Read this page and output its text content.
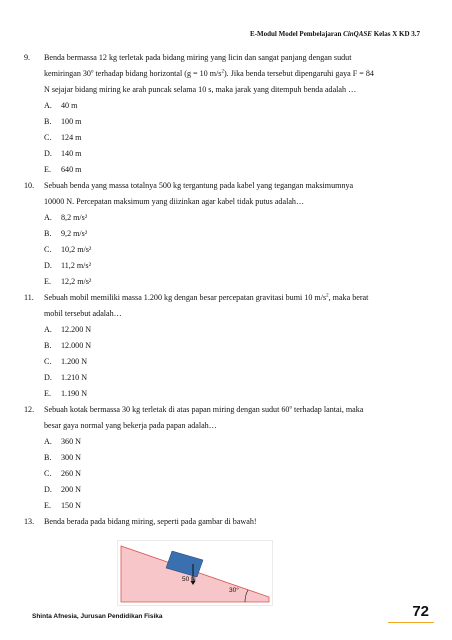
E-Modul Model Pembelajaran CinQASE Kelas X KD 3.7
9.	Benda bermassa 12 kg terletak pada bidang miring yang licin dan sangat panjang dengan sudut
kemiringan 30$^o$ terhadap bidang horizontal (g = 10 $m/s^2$). Jika benda tersebut dipengaruhi gaya F = 84
N sejajar bidang miring ke arah puncak selama 10 s, maka jarak yang ditempuh benda adalah …
A.	40 m
B.	100 m
C.	124 m
D.	140 m
E.	640 m
10.	Sebuah benda yang massa totalnya 500 kg tergantung pada kabel yang tegangan maksimumnya
10000 N. Percepatan maksimum yang diizinkan agar kabel tidak putus adalah…
A.	8,2 m/s²
B.	9,2 m/s²
C.	10,2 m/s²
D.	11,2 m/s²
E.	12,2 m/s²
11.	Sebuah mobil memiliki massa 1.200 kg dengan besar percepatan gravitasi bumi 10 $m/s^2$, maka berat
mobil tersebut adalah…
A.	12.200 N
B.	12.000 N
C.	1.200 N
D.	1.210 N
E.	1.190 N
12.	Sebuah kotak bermassa 30 kg terletak di atas papan miring dengan sudut 60$^o$ terhadap lantai, maka
besar gaya normal yang bekerja pada papan adalah…
A.	360 N
B.	300 N
C.	260 N
D.	200 N
E.	150 N
13.	Benda berada pada bidang miring, seperti pada gambar di bawah!
50 N
30°
Shinta Afnesia, Jurusan Pendidikan Fisika	72
